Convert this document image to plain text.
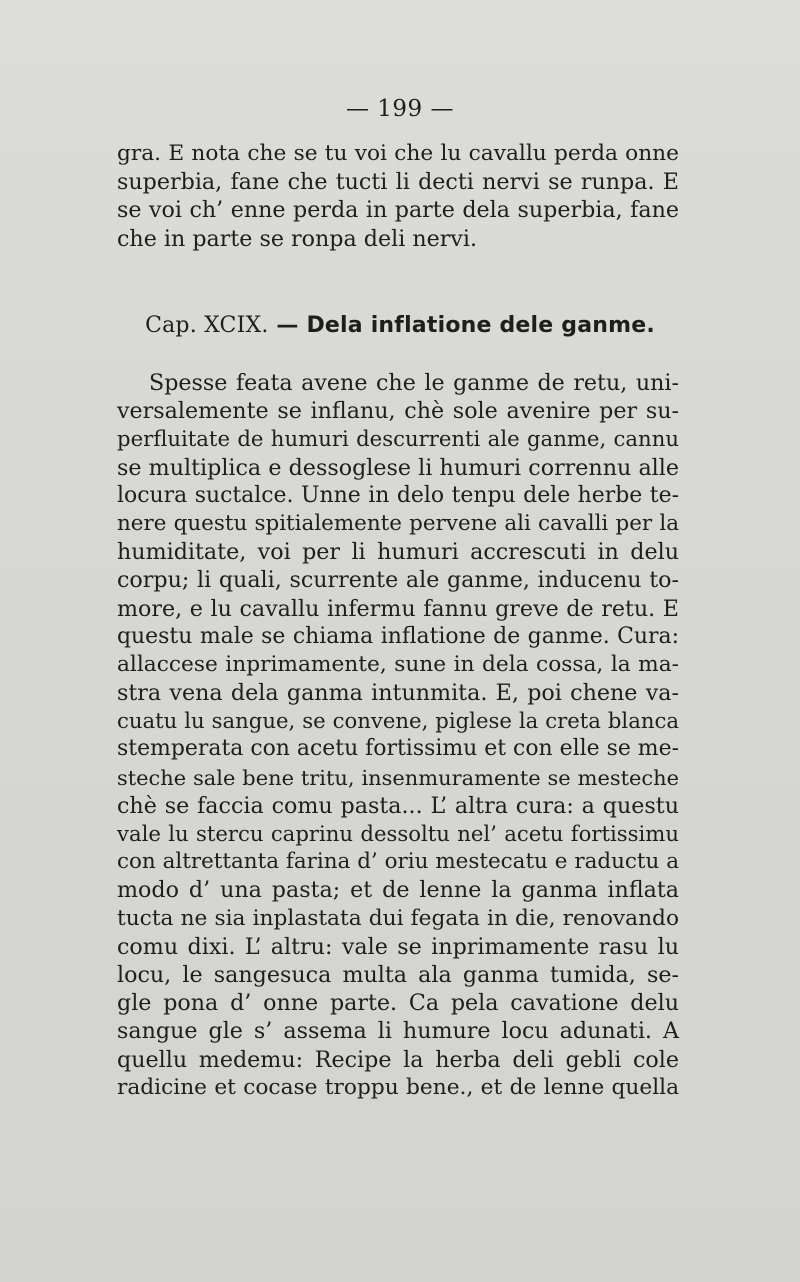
— 199 —
gra. E nota che se tu voi che lu cavallu perda onne
superbia, fane che tucti li decti nervi se runpa. E
se voi ch’ enne perda in parte dela superbia, fane
che in parte se ronpa deli nervi.
Cap. XCIX. — Dela inflatione dele ganme.
Spesse feata avene che le ganme de retu, uni-
versalemente se inflanu, chè sole avenire per su-
perfluitate de humuri descurrenti ale ganme, cannu
se multiplica e dessoglese li humuri corrennu alle
locura suctalce. Unne in delo tenpu dele herbe te-
nere questu spitialemente pervene ali cavalli per la
humiditate, voi per li humuri accrescuti in delu
corpu; li quali, scurrente ale ganme, inducenu to-
more, e lu cavallu infermu fannu greve de retu. E
questu male se chiama inflatione de ganme. Cura:
allaccese inprimamente, sune in dela cossa, la ma-
stra vena dela ganma intunmita. E, poi chene va-
cuatu lu sangue, se convene, piglese la creta blanca
stemperata con acetu fortissimu et con elle se me-
steche sale bene tritu, insenmuramente se mesteche
chè se faccia comu pasta... L’ altra cura: a questu
vale lu stercu caprinu dessoltu nel’ acetu fortissimu
con altrettanta farina d’ oriu mestecatu e raductu a
modo d’ una pasta; et de lenne la ganma inflata
tucta ne sia inplastata dui fegata in die, renovando
comu dixi. L’ altru: vale se inprimamente rasu lu
locu, le sangesuca multa ala ganma tumida, se-
gle pona d’ onne parte. Ca pela cavatione delu
sangue gle s’ assema li humure locu adunati. A
quellu medemu: Recipe la herba deli gebli cole
radicine et cocase troppu bene., et de lenne quella
